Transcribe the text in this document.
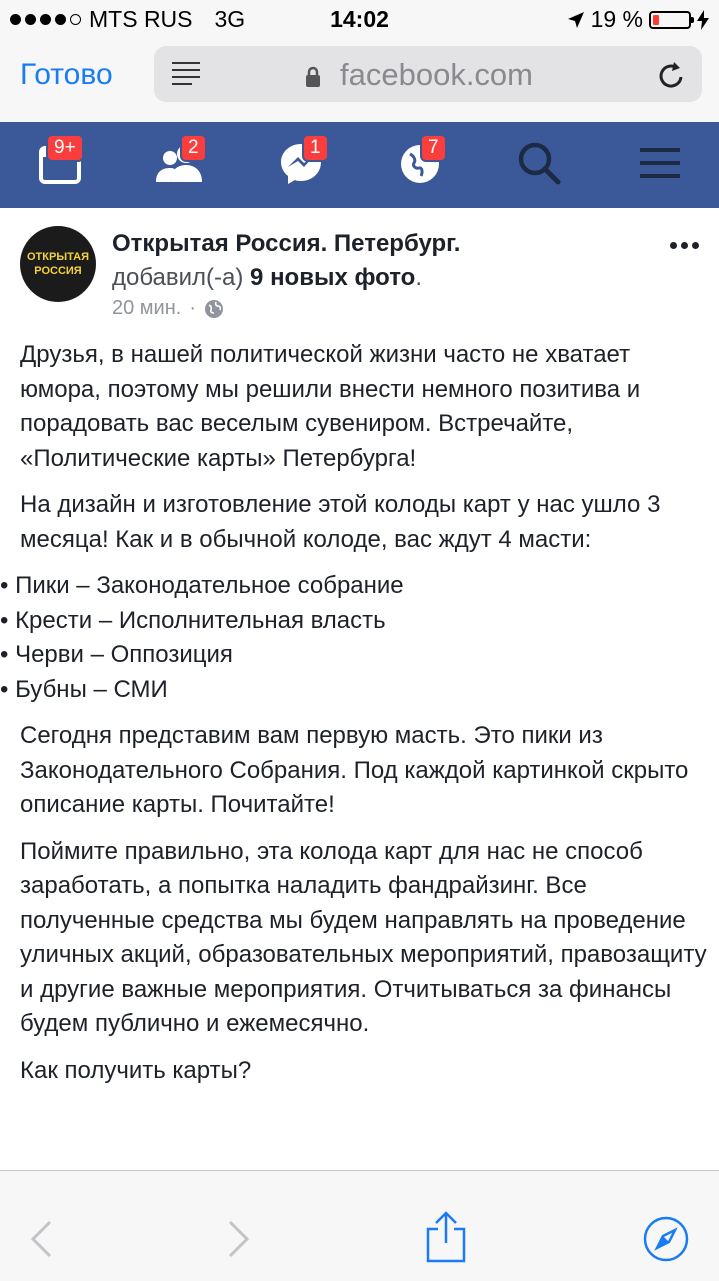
MTS RUS 3G	14:02	19 %
Готово	facebook.com
9+	2	1	7
ОТКРЫТАЯ
РОССИЯ
Открытая Россия. Петербург.
добавил(-а) 9 новых фото.
20 мин. ·

Друзья, в нашей политической жизни часто не хватает юмора, поэтому мы решили внести немного позитива и порадовать вас веселым сувениром. Встречайте, «Политические карты» Петербурга!

На дизайн и изготовление этой колоды карт у нас ушло 3 месяца! Как и в обычной колоде, вас ждут 4 масти:

• Пики – Законодательное собрание
• Крести – Исполнительная власть
• Черви – Оппозиция
• Бубны – СМИ

Сегодня представим вам первую масть. Это пики из Законодательного Собрания. Под каждой картинкой скрыто описание карты. Почитайте!

Поймите правильно, эта колода карт для нас не способ заработать, а попытка наладить фандрайзинг. Все полученные средства мы будем направлять на проведение уличных акций, образовательных мероприятий, правозащиту и другие важные мероприятия. Отчитываться за финансы будем публично и ежемесячно.

Как получить карты?
